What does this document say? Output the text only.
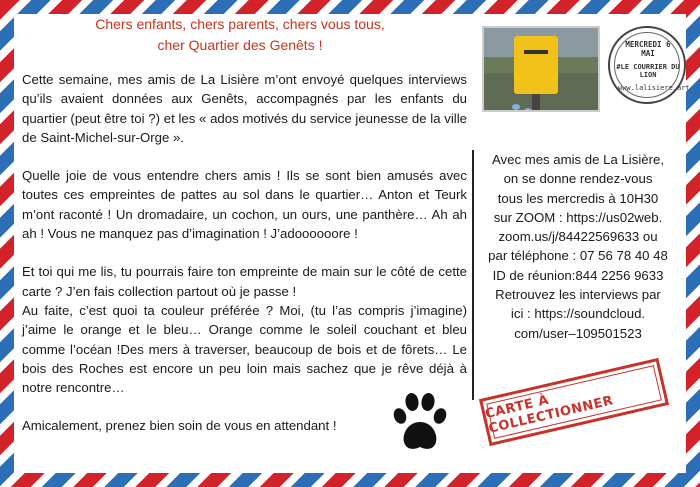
Chers enfants, chers parents, chers vous tous,
cher Quartier des Genêts !

Cette semaine, mes amis de La Lisière m’ont envoyé quelques interviews qu’ils avaient données aux Genêts, accompagnés par les enfants du quartier (peut être toi ?) et les « ados motivés du service jeunesse de la ville de Saint-Michel-sur-Orge ».

Quelle joie de vous entendre chers amis ! Ils se sont bien amusés avec toutes ces empreintes de pattes au sol dans le quartier… Anton et Teurk m’ont raconté ! Un dromadaire, un cochon, un ours, une panthère… Ah ah ah ! Vous ne manquez pas d’imagination ! J’adoooooore !

Et toi qui me lis, tu pourrais faire ton empreinte de main sur le côté de cette carte ? J’en fais collection partout où je passe !

Au faite, c’est quoi ta couleur préférée ? Moi, (tu l’as compris j’imagine) j’aime le orange et le bleu… Orange comme le soleil couchant et bleu comme l’océan !Des mers à traverser, beaucoup de bois et de fôrets… Le bois des Roches est encore un peu loin mais sachez que je rêve déjà à notre rencontre…

Amicalement, prenez bien soin de vous en attendant !

Avec mes amis de La Lisière,
on se donne rendez-vous
tous les mercredis à 10H30
sur ZOOM : https://us02web.
zoom.us/j/84422569633 ou
par téléphone : 07 56 78 40 48
ID de réunion:844 2256 9633
Retrouvez les interviews par
ici : https://soundcloud.
com/user–109501523
MERCREDI 6 MAI
#LE COURRIER DU LION
www.lalisiere.art
CARTE À COLLECTIONNER
